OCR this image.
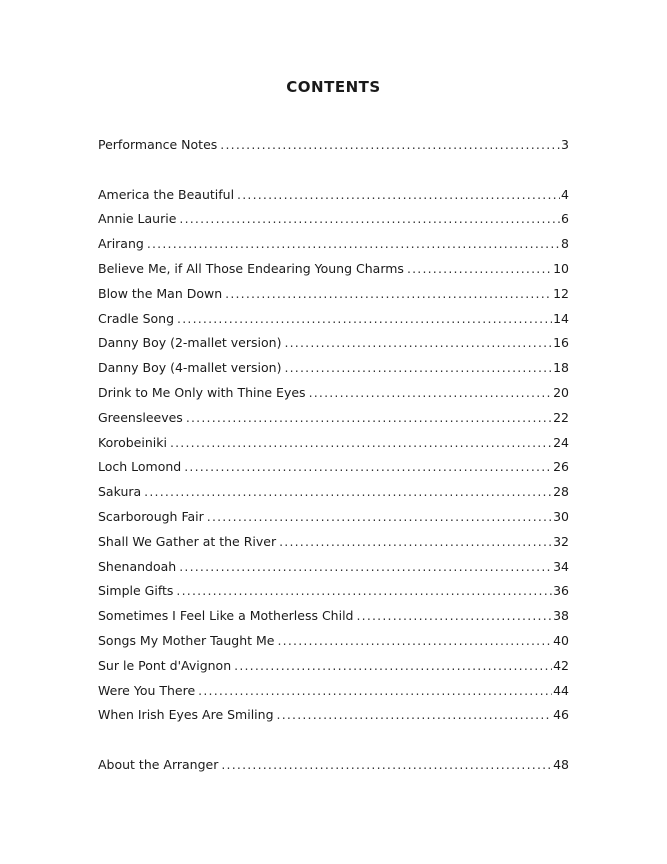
CONTENTS
Performance Notes .....	3
America the Beautiful .....	4
Annie Laurie .....	6
Arirang .....	8
Believe Me, if All Those Endearing Young Charms .....	10
Blow the Man Down .....	12
Cradle Song .....	14
Danny Boy (2-mallet version) .....	16
Danny Boy (4-mallet version) .....	18
Drink to Me Only with Thine Eyes .....	20
Greensleeves .....	22
Korobeiniki .....	24
Loch Lomond .....	26
Sakura .....	28
Scarborough Fair .....	30
Shall We Gather at the River .....	32
Shenandoah .....	34
Simple Gifts .....	36
Sometimes I Feel Like a Motherless Child .....	38
Songs My Mother Taught Me .....	40
Sur le Pont d'Avignon .....	42
Were You There .....	44
When Irish Eyes Are Smiling .....	46
About the Arranger .....	48
